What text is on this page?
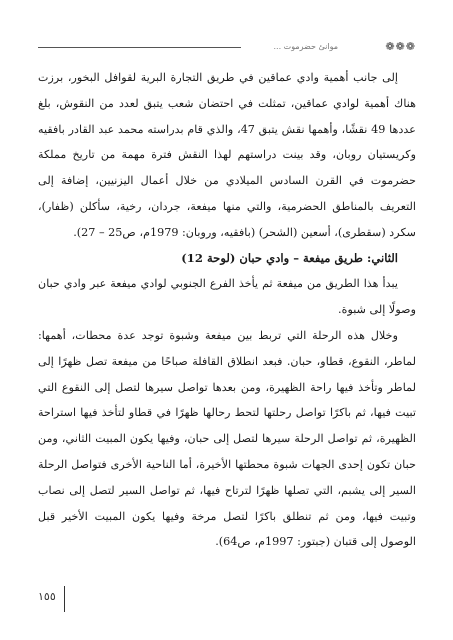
❁❁❁
موانئ حضرموت ...

إلى جانب أهمية وادي عماقين في طريق التجارة البرية لقوافل البخور، برزت هناك أهمية لوادي عماقين، تمثلت في احتضان شعب يتبق لعدد من النقوش، بلغ عددها 49 نقشًا، وأهمها نقش يتبق 47، والذي قام بدراسته محمد عبد القادر بافقيه وكريستيان روبان، وقد بينت دراستهم لهذا النقش فترة مهمة من تاريخ مملكة حضرموت في القرن السادس الميلادي من خلال أعمال اليزنيين، إضافة إلى التعريف بالمناطق الحضرمية، والتي منها ميفعة، جردان، رخية، سأكلن (ظفار)، سكرد (سقطرى)، أسعين (الشحر) (بافقيه، وروبان: 1979م، ص25 – 27).

الثاني: طريق ميفعة – وادي حبان (لوحة 12)

يبدأ هذا الطريق من ميفعة ثم يأخذ الفرع الجنوبي لوادي ميفعة عبر وادي حبان وصولًا إلى شبوة.

وخلال هذه الرحلة التي تربط بين ميفعة وشبوة توجد عدة محطات، أهمها: لماطر، النقوع، قطاو، حبان. فبعد انطلاق القافلة صباحًا من ميفعة تصل ظهرًا إلى لماطر وتأخذ فيها راحة الظهيرة، ومن بعدها تواصل سيرها لتصل إلى النقوع التي تبيت فيها، ثم باكرًا تواصل رحلتها لتحط رحالها ظهرًا في قطاو لتأخذ فيها استراحة الظهيرة، ثم تواصل الرحلة سيرها لتصل إلى حبان، وفيها يكون المبيت الثاني، ومن حبان تكون إحدى الجهات شبوة محطتها الأخيرة، أما الناحية الأخرى فتواصل الرحلة السير إلى يشبم، التي تصلها ظهرًا لترتاح فيها، ثم تواصل السير لتصل إلى نصاب وتبيت فيها، ومن ثم تنطلق باكرًا لتصل مرخة وفيها يكون المبيت الأخير قبل الوصول إلى قتبان (جبتور: 1997م، ص64).

١٥٥
